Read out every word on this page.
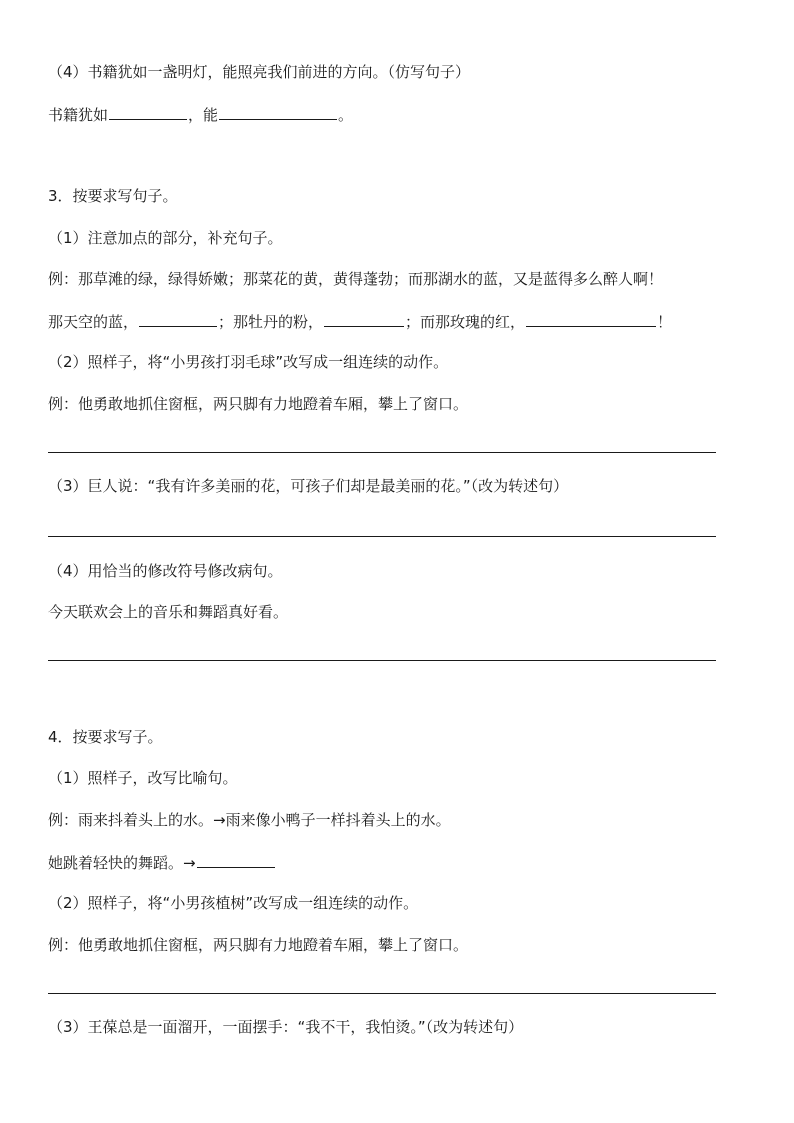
（4）书籍犹如一盏明灯，能照亮我们前进的方向。（仿写句子）

书籍犹如	，能	。

3．按要求写句子。

（1）注意加点的部分，补充句子。

例：那草滩的绿，绿得娇嫩；那菜花的黄，黄得蓬勃；而那湖水的蓝，又是蓝得多么醉人啊！

那天空的蓝，	；那牡丹的粉，	；而那玫瑰的红，	！

（2）照样子，将“小男孩打羽毛球”改写成一组连续的动作。

例：他勇敢地抓住窗框，两只脚有力地蹬着车厢，攀上了窗口。

（3）巨人说：“我有许多美丽的花，可孩子们却是最美丽的花。”（改为转述句）

（4）用恰当的修改符号修改病句。

今天联欢会上的音乐和舞蹈真好看。

4．按要求写子。

（1）照样子，改写比喻句。

例：雨来抖着头上的水。→雨来像小鸭子一样抖着头上的水。

她跳着轻快的舞蹈。→

（2）照样子，将“小男孩植树”改写成一组连续的动作。

例：他勇敢地抓住窗框，两只脚有力地蹬着车厢，攀上了窗口。

（3）王葆总是一面溜开，一面摆手：“我不干，我怕烫。”（改为转述句）
